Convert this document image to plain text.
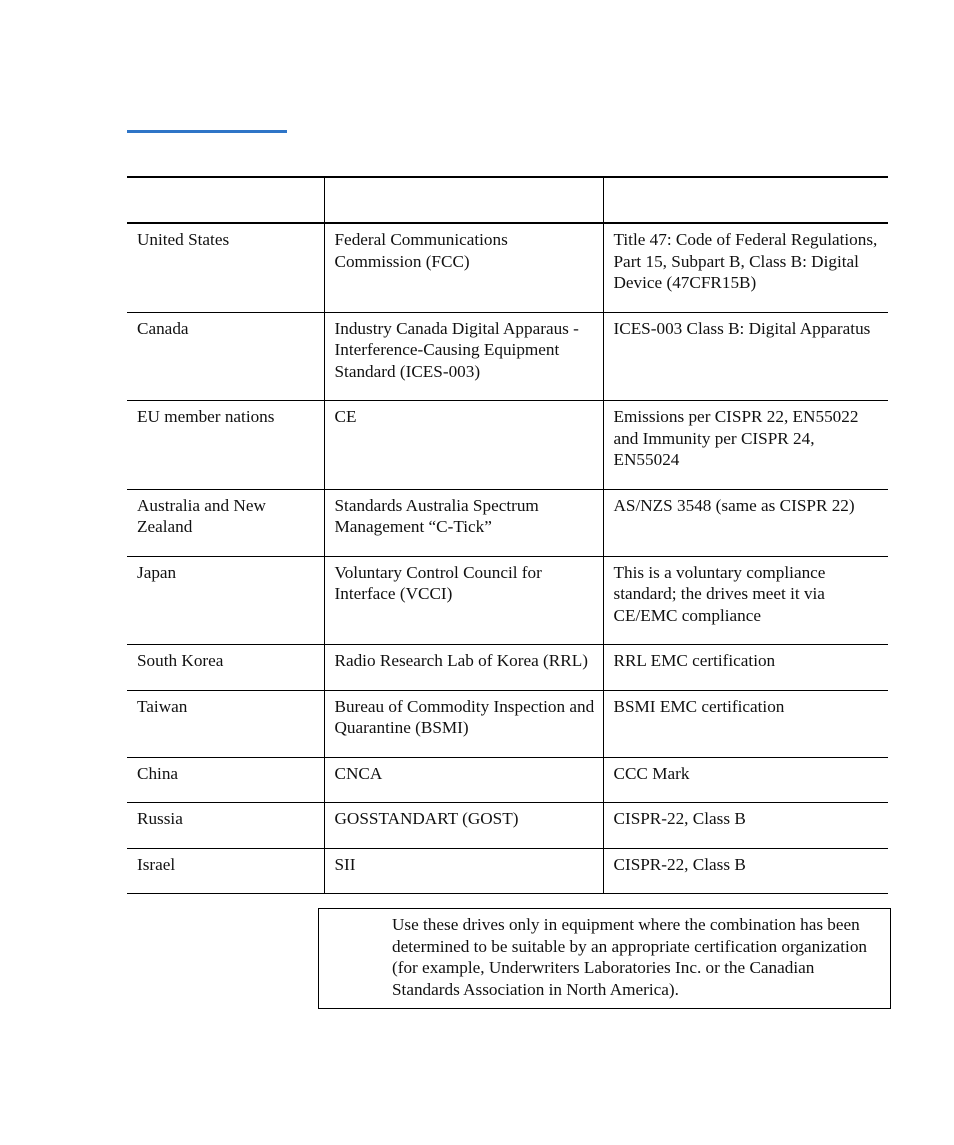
United States	Federal Communications Commission (FCC)	Title 47: Code of Federal Regulations, Part 15, Subpart B, Class B: Digital Device (47CFR15B)
Canada	Industry Canada Digital Apparaus - Interference-Causing Equipment Standard (ICES-003)	ICES-003 Class B: Digital Apparatus
EU member nations	CE	Emissions per CISPR 22, EN55022 and Immunity per CISPR 24, EN55024
Australia and New Zealand	Standards Australia Spectrum Management “C-Tick”	AS/NZS 3548 (same as CISPR 22)
Japan	Voluntary Control Council for Interface (VCCI)	This is a voluntary compliance standard; the drives meet it via CE/EMC compliance
South Korea	Radio Research Lab of Korea (RRL)	RRL EMC certification
Taiwan	Bureau of Commodity Inspection and Quarantine (BSMI)	BSMI EMC certification
China	CNCA	CCC Mark
Russia	GOSSTANDART (GOST)	CISPR-22, Class B
Israel	SII	CISPR-22, Class B

Use these drives only in equipment where the combination has been determined to be suitable by an appropriate certification organization (for example, Underwriters Laboratories Inc. or the Canadian Standards Association in North America).
